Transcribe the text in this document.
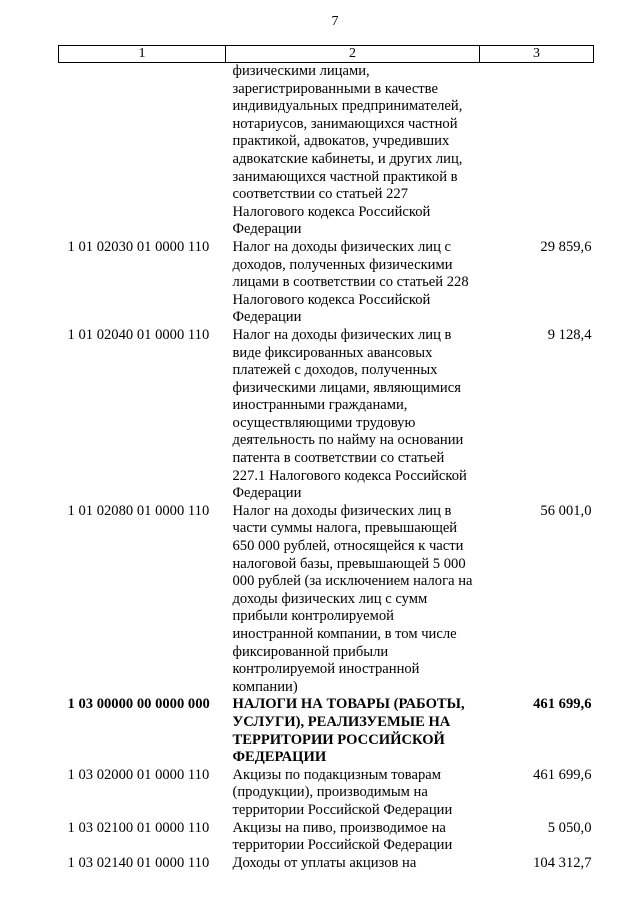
7
1	2	3
	физическими лицами, зарегистрированными в качестве индивидуальных предпринимателей, нотариусов, занимающихся частной практикой, адвокатов, учредивших адвокатские кабинеты, и других лиц, занимающихся частной практикой в соответствии со статьей 227 Налогового кодекса Российской Федерации	
1 01 02030 01 0000 110	Налог на доходы физических лиц с доходов, полученных физическими лицами в соответствии со статьей 228 Налогового кодекса Российской Федерации	29 859,6
1 01 02040 01 0000 110	Налог на доходы физических лиц в виде фиксированных авансовых платежей с доходов, полученных физическими лицами, являющимися иностранными гражданами, осуществляющими трудовую деятельность по найму на основании патента в соответствии со статьей 227.1 Налогового кодекса Российской Федерации	9 128,4
1 01 02080 01 0000 110	Налог на доходы физических лиц в части суммы налога, превышающей 650 000 рублей, относящейся к части налоговой базы, превышающей 5 000 000 рублей (за исключением налога на доходы физических лиц с сумм прибыли контролируемой иностранной компании, в том числе фиксированной прибыли контролируемой иностранной компании)	56 001,0
1 03 00000 00 0000 000	НАЛОГИ НА ТОВАРЫ (РАБОТЫ, УСЛУГИ), РЕАЛИЗУЕМЫЕ НА ТЕРРИТОРИИ РОССИЙСКОЙ ФЕДЕРАЦИИ	461 699,6
1 03 02000 01 0000 110	Акцизы по подакцизным товарам (продукции), производимым на территории Российской Федерации	461 699,6
1 03 02100 01 0000 110	Акцизы на пиво, производимое на территории Российской Федерации	5 050,0
1 03 02140 01 0000 110	Доходы от уплаты акцизов на	104 312,7
